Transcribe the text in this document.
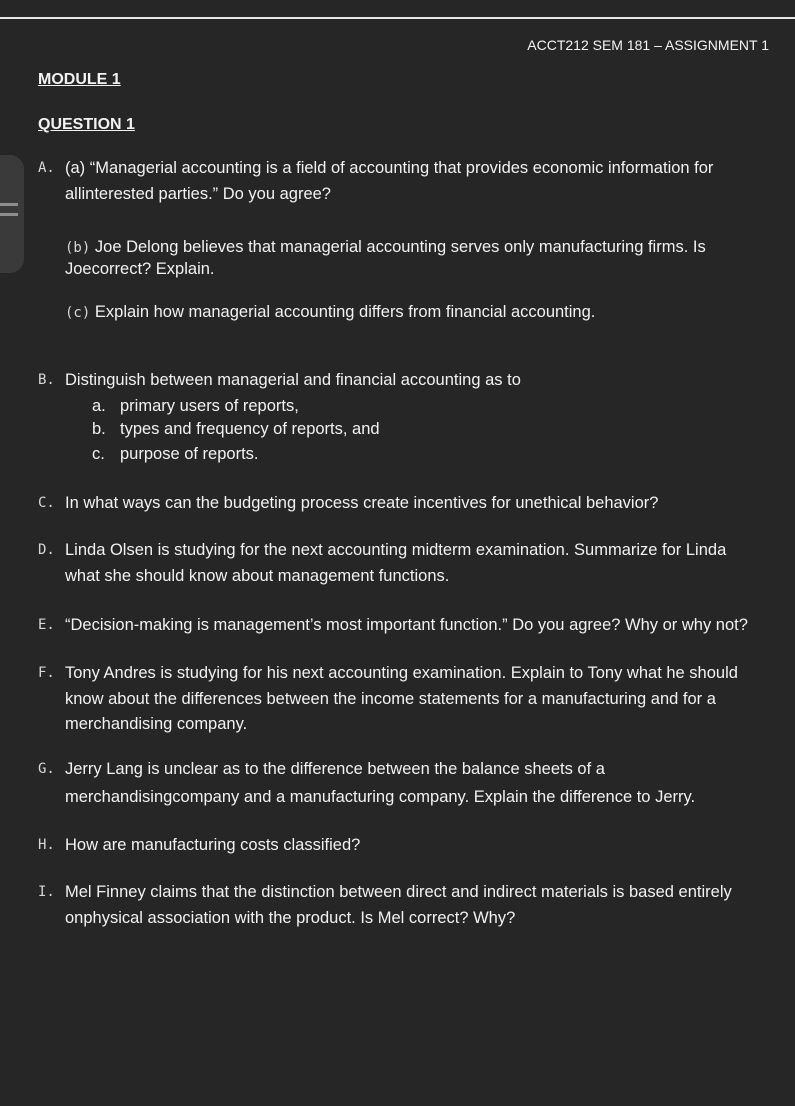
ACCT212 SEM 181 – ASSIGNMENT 1
MODULE 1
QUESTION 1
A. (a) “Managerial accounting is a field of accounting that provides economic information for
allinterested parties.” Do you agree?
(b) Joe Delong believes that managerial accounting serves only manufacturing firms. Is
Joecorrect? Explain.
(c) Explain how managerial accounting differs from financial accounting.
B. Distinguish between managerial and financial accounting as to
a. primary users of reports,
b. types and frequency of reports, and
c. purpose of reports.
C. In what ways can the budgeting process create incentives for unethical behavior?
D. Linda Olsen is studying for the next accounting midterm examination. Summarize for Linda
what she should know about management functions.
E. “Decision-making is management’s most important function.” Do you agree? Why or why not?
F. Tony Andres is studying for his next accounting examination. Explain to Tony what he should
know about the differences between the income statements for a manufacturing and for a
merchandising company.
G. Jerry Lang is unclear as to the difference between the balance sheets of a
merchandisingcompany and a manufacturing company. Explain the difference to Jerry.
H. How are manufacturing costs classified?
I. Mel Finney claims that the distinction between direct and indirect materials is based entirely
onphysical association with the product. Is Mel correct? Why?
